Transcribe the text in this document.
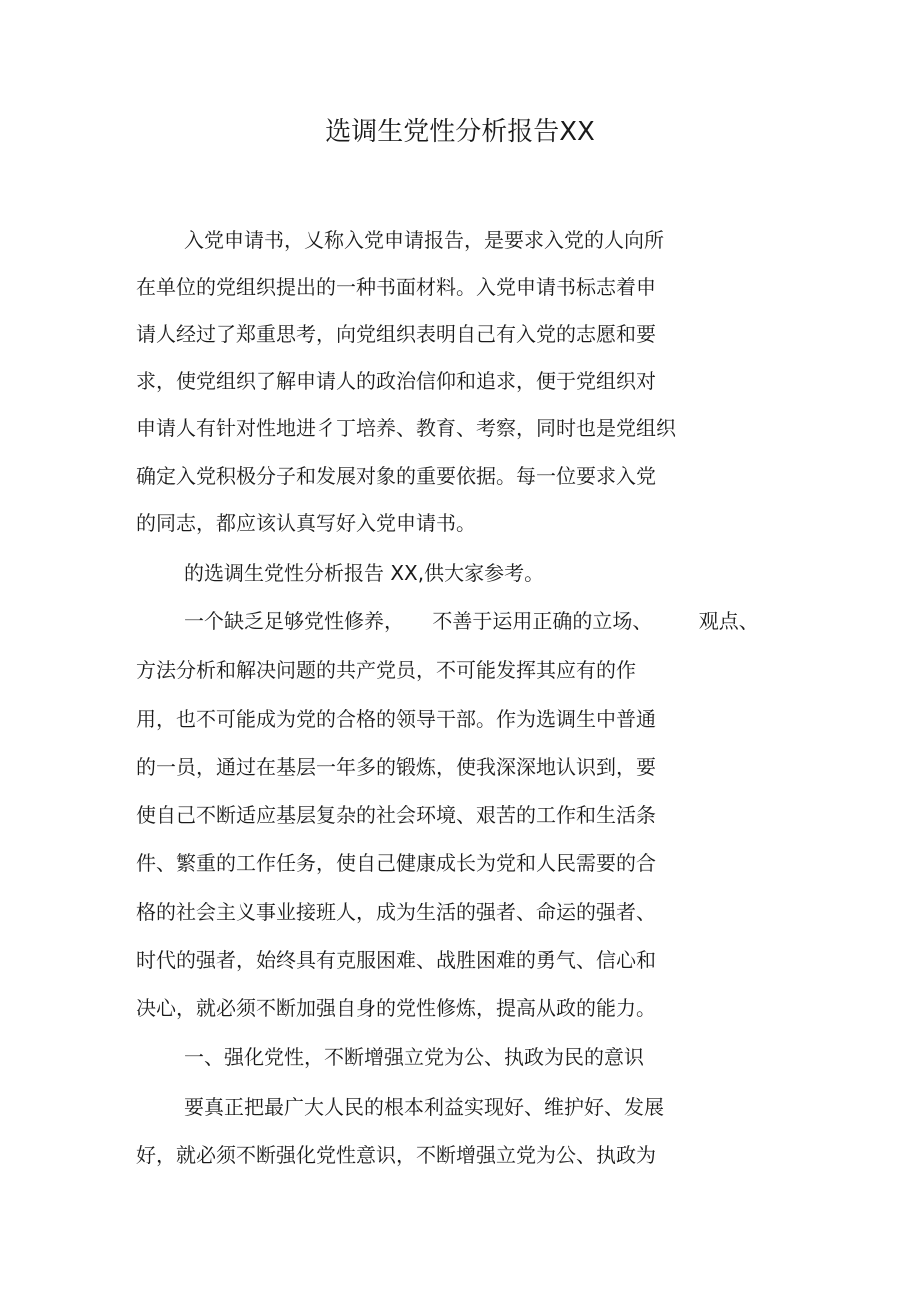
选调生党性分析报告XX
入党申请书，乂称入党申请报告，是要求入党的人向所
在单位的党组织提出的一种书面材料。入党申请书标志着申
请人经过了郑重思考，向党组织表明自己有入党的志愿和要
求，使党组织了解申请人的政治信仰和追求，便于党组织对
申请人有针对性地进彳丁培养、教育、考察，同时也是党组织
确定入党积极分子和发展对象的重要依据。每一位要求入党
的同志，都应该认真写好入党申请书。
的选调生党性分析报告 XX,供大家参考。
一个缺乏足够党性修养， 不善于运用正确的立场、 观点、
方法分析和解决问题的共产党员，不可能发挥其应有的作
用，也不可能成为党的合格的领导干部。作为选调生中普通
的一员，通过在基层一年多的锻炼，使我深深地认识到，要
使自己不断适应基层复杂的社会环境、艰苦的工作和生活条
件、繁重的工作任务，使自己健康成长为党和人民需要的合
格的社会主义事业接班人，成为生活的强者、命运的强者、
时代的强者，始终具有克服困难、战胜困难的勇气、信心和
决心，就必须不断加强自身的党性修炼，提高从政的能力。
一、强化党性，不断增强立党为公、执政为民的意识
要真正把最广大人民的根本利益实现好、维护好、发展
好，就必须不断强化党性意识，不断增强立党为公、执政为
